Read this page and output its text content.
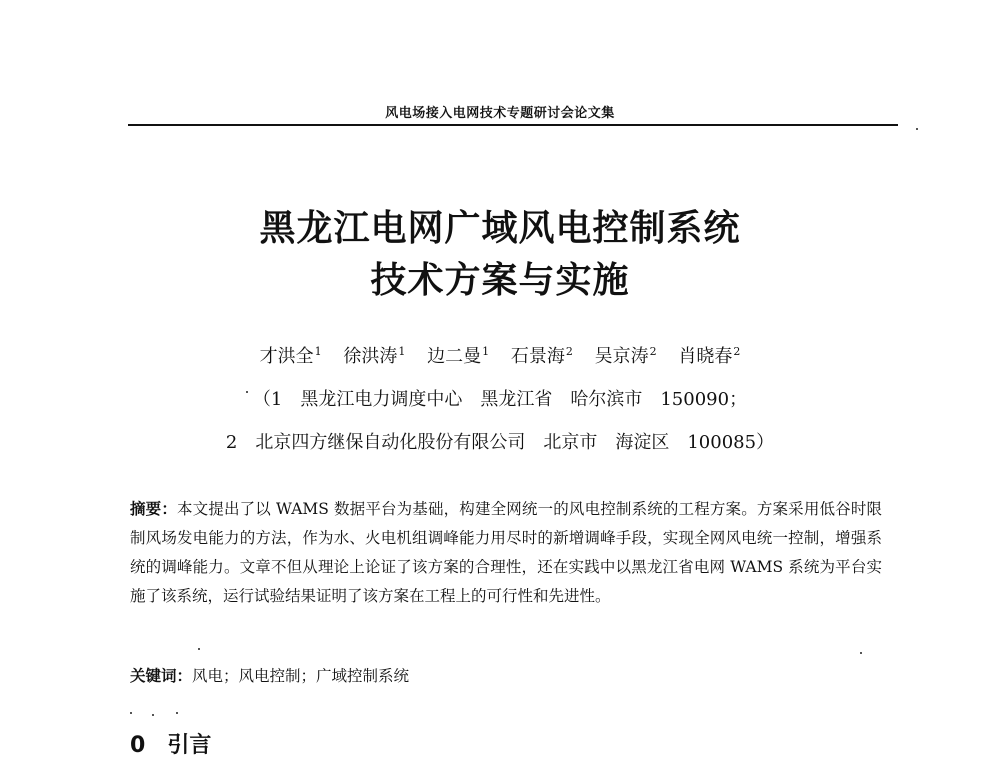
风电场接入电网技术专题研讨会论文集
黑龙江电网广域风电控制系统
技术方案与实施
才洪全$^1$ 徐洪涛$^1$ 边二曼$^1$ 石景海$^2$ 吴京涛$^2$ 肖晓春$^2$
（1　黑龙江电力调度中心　黑龙江省　哈尔滨市　150090；
2　北京四方继保自动化股份有限公司　北京市　海淀区　100085）
摘要：本文提出了以 WAMS 数据平台为基础，构建全网统一的风电控制系统的工程方案。方案采用低谷时限制风场发电能力的方法，作为水、火电机组调峰能力用尽时的新增调峰手段，实现全网风电统一控制，增强系统的调峰能力。文章不但从理论上论证了该方案的合理性，还在实践中以黑龙江省电网 WAMS 系统为平台实施了该系统，运行试验结果证明了该方案在工程上的可行性和先进性。
关键词：风电；风电控制；广域控制系统
0 引言
